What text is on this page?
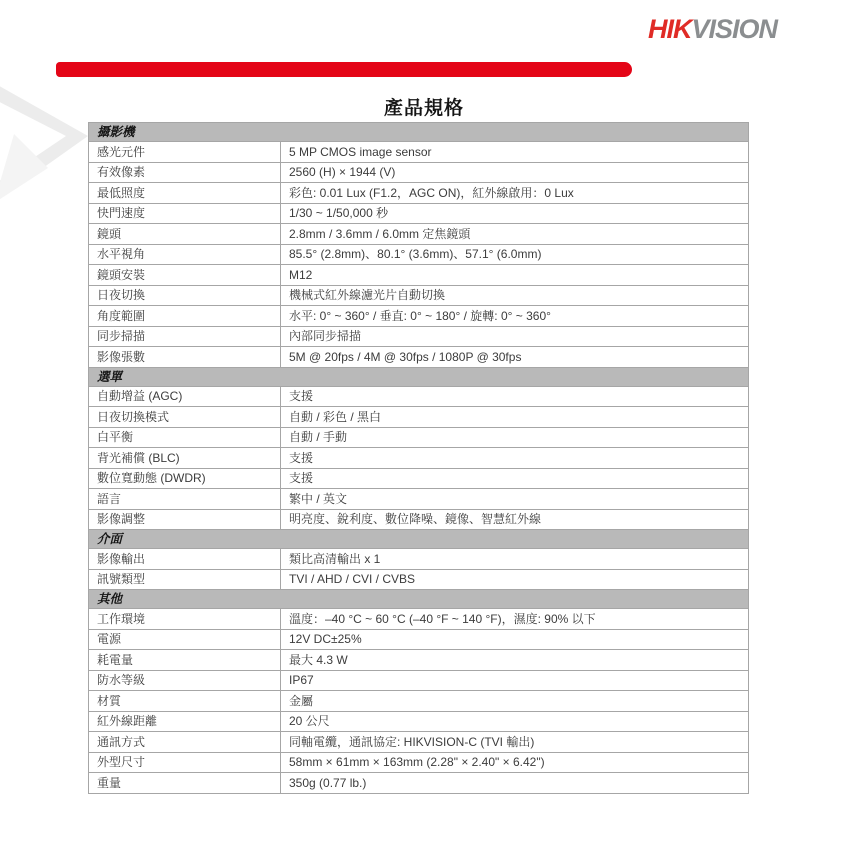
HIKVISION
產品規格
攝影機	
感光元件	5 MP CMOS image sensor
有效像素	2560 (H) × 1944 (V)
最低照度	彩色: 0.01 Lux (F1.2，AGC ON)，紅外線啟用：0 Lux
快門速度	1/30 ~ 1/50,000 秒
鏡頭	2.8mm / 3.6mm / 6.0mm 定焦鏡頭
水平視角	85.5° (2.8mm)、80.1° (3.6mm)、57.1° (6.0mm)
鏡頭安裝	M12
日夜切換	機械式紅外線濾光片自動切換
角度範圍	水平: 0° ~ 360° / 垂直: 0° ~ 180° / 旋轉: 0° ~ 360°
同步掃描	內部同步掃描
影像張數	5M @ 20fps / 4M @ 30fps / 1080P @ 30fps
選單	
自動增益 (AGC)	支援
日夜切換模式	自動 / 彩色 / 黑白
白平衡	自動 / 手動
背光補償 (BLC)	支援
數位寬動態 (DWDR)	支援
語言	繁中 / 英文
影像調整	明亮度、銳利度、數位降噪、鏡像、智慧紅外線
介面	
影像輸出	類比高清輸出 x 1
訊號類型	TVI / AHD / CVI / CVBS
其他	
工作環境	溫度：–40 °C ~ 60 °C (–40 °F ~ 140 °F)，濕度: 90% 以下
電源	12V DC±25%
耗電量	最大 4.3 W
防水等級	IP67
材質	金屬
紅外線距離	20 公尺
通訊方式	同軸電纜，通訊協定: HIKVISION-C (TVI 輸出)
外型尺寸	58mm × 61mm × 163mm (2.28" × 2.40" × 6.42")
重量	350g (0.77 lb.)
